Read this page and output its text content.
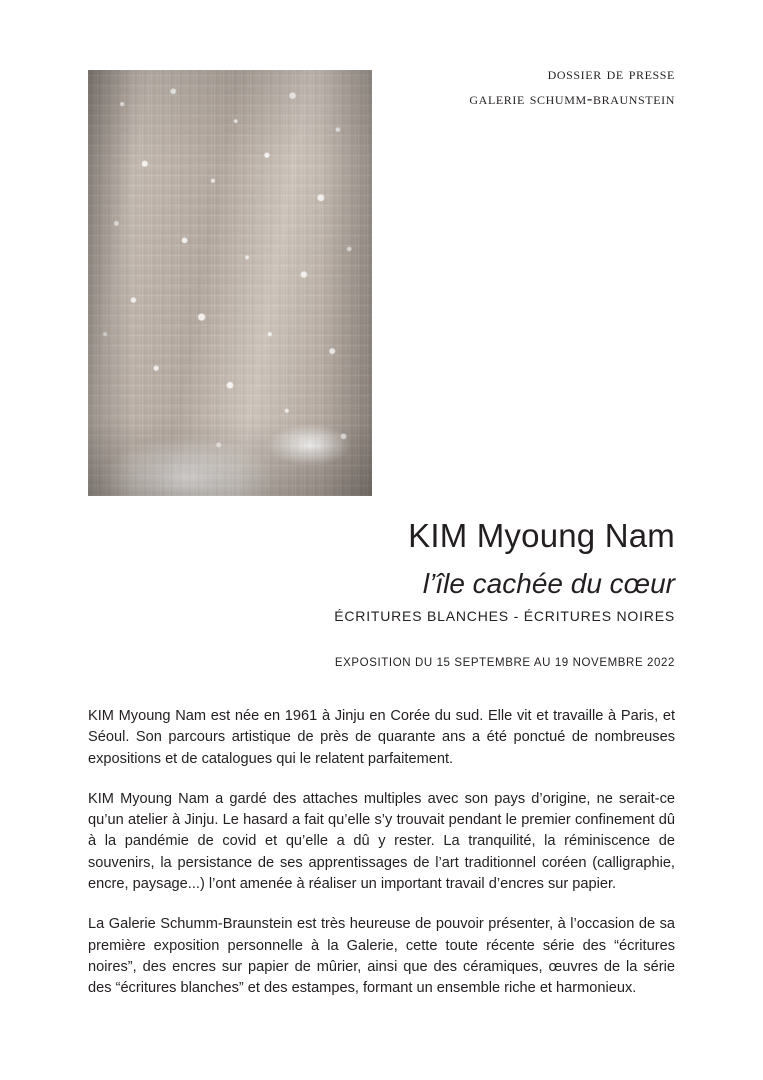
dossier de presse
galerie schumm-braunstein
KIM Myoung Nam
l’île cachée du cœur
ÉCRITURES BLANCHES - ÉCRITURES NOIRES
EXPOSITION DU 15 SEPTEMBRE AU 19 NOVEMBRE 2022

KIM Myoung Nam est née en 1961 à Jinju en Corée du sud. Elle vit et travaille à Paris, et Séoul. Son parcours artistique de près de quarante ans a été ponctué de nombreuses expositions et de catalogues qui le relatent parfaitement.

KIM Myoung Nam a gardé des attaches multiples avec son pays d’origine, ne serait-ce qu’un atelier à Jinju. Le hasard a fait qu’elle s’y trouvait pendant le premier confinement dû à la pandémie de covid et qu’elle a dû y rester. La tranquilité, la réminiscence de souvenirs, la persistance de ses apprentissages de l’art traditionnel coréen (calligraphie, encre, paysage...) l’ont amenée à réaliser un important travail d’encres sur papier.

La Galerie Schumm-Braunstein est très heureuse de pouvoir présenter, à l’occasion de sa première exposition personnelle à la Galerie, cette toute récente série des “écritures noires”, des encres sur papier de mûrier, ainsi que des céramiques, œuvres de la série des “écritures blanches” et des estampes, formant un ensemble riche et harmonieux.
